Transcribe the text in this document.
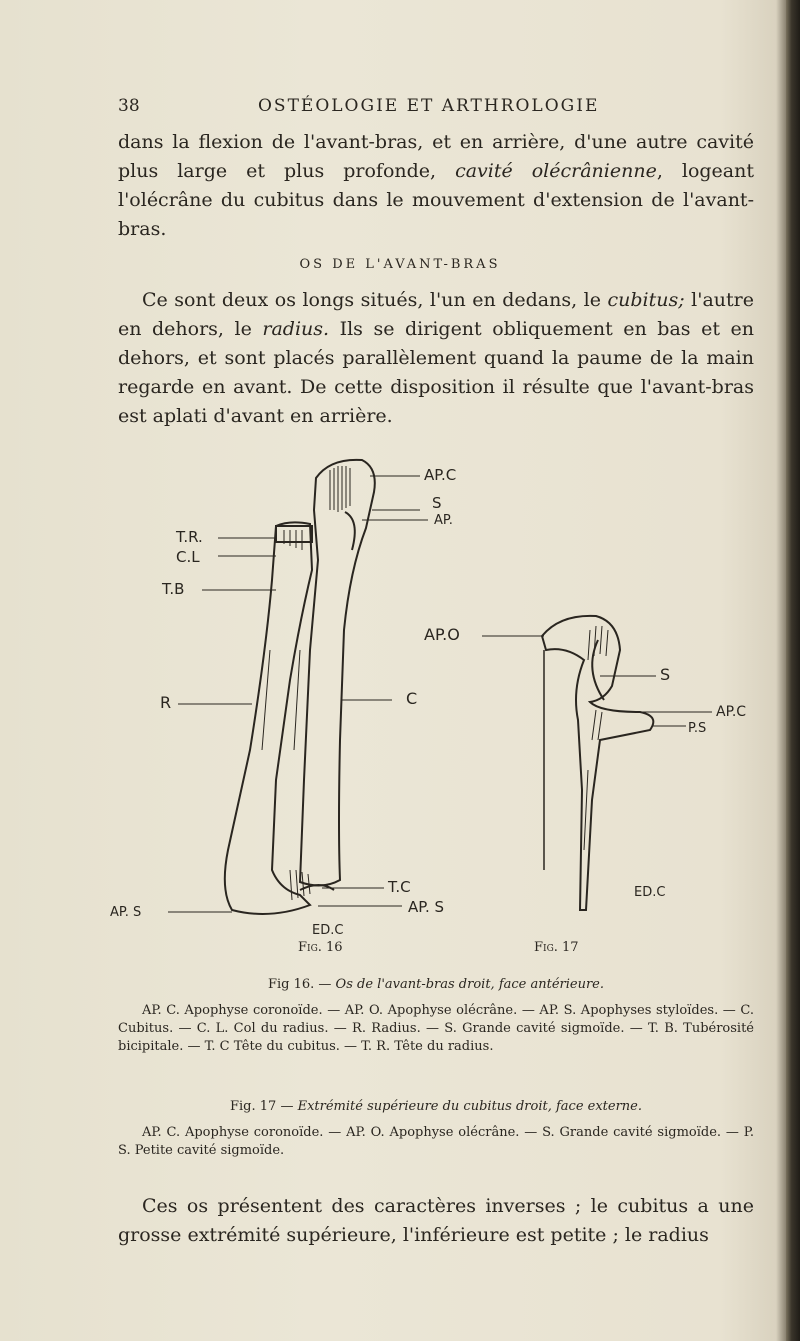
38	OSTÉOLOGIE ET ARTHROLOGIE
dans la flexion de l'avant-bras, et en arrière, d'une autre cavité plus large et plus profonde, cavité olécrânienne, logeant l'olécrâne du cubitus dans le mouvement d'extension de l'avant-bras.
OS DE L'AVANT-BRAS
Ce sont deux os longs situés, l'un en dedans, le cubitus; l'autre en dehors, le radius. Ils se dirigent obliquement en bas et en dehors, et sont placés parallèlement quand la paume de la main regarde en avant. De cette disposition il résulte que l'avant-bras est aplati d'avant en arrière.
AP.C
S
AP.
T.R.
C.L
T.B
R	C
T.C
AP. S
AP. S
ED.C
AP.O
S
AP.C
P.S
ED.C
Fig. 16	Fig. 17
Fig 16. — Os de l'avant-bras droit, face antérieure.
AP. C. Apophyse coronoïde. — AP. O. Apophyse olécrâne. — AP. S. Apophyses styloïdes. — C. Cubitus. — C. L. Col du radius. — R. Radius. — S. Grande cavité sigmoïde. — T. B. Tubérosité bicipitale. — T. C Tête du cubitus. — T. R. Tête du radius.
Fig. 17 — Extrémité supérieure du cubitus droit, face externe.
AP. C. Apophyse coronoïde. — AP. O. Apophyse olécrâne. — S. Grande cavité sigmoïde. — P. S. Petite cavité sigmoïde.
Ces os présentent des caractères inverses ; le cubitus a une grosse extrémité supérieure, l'inférieure est petite ; le radius
